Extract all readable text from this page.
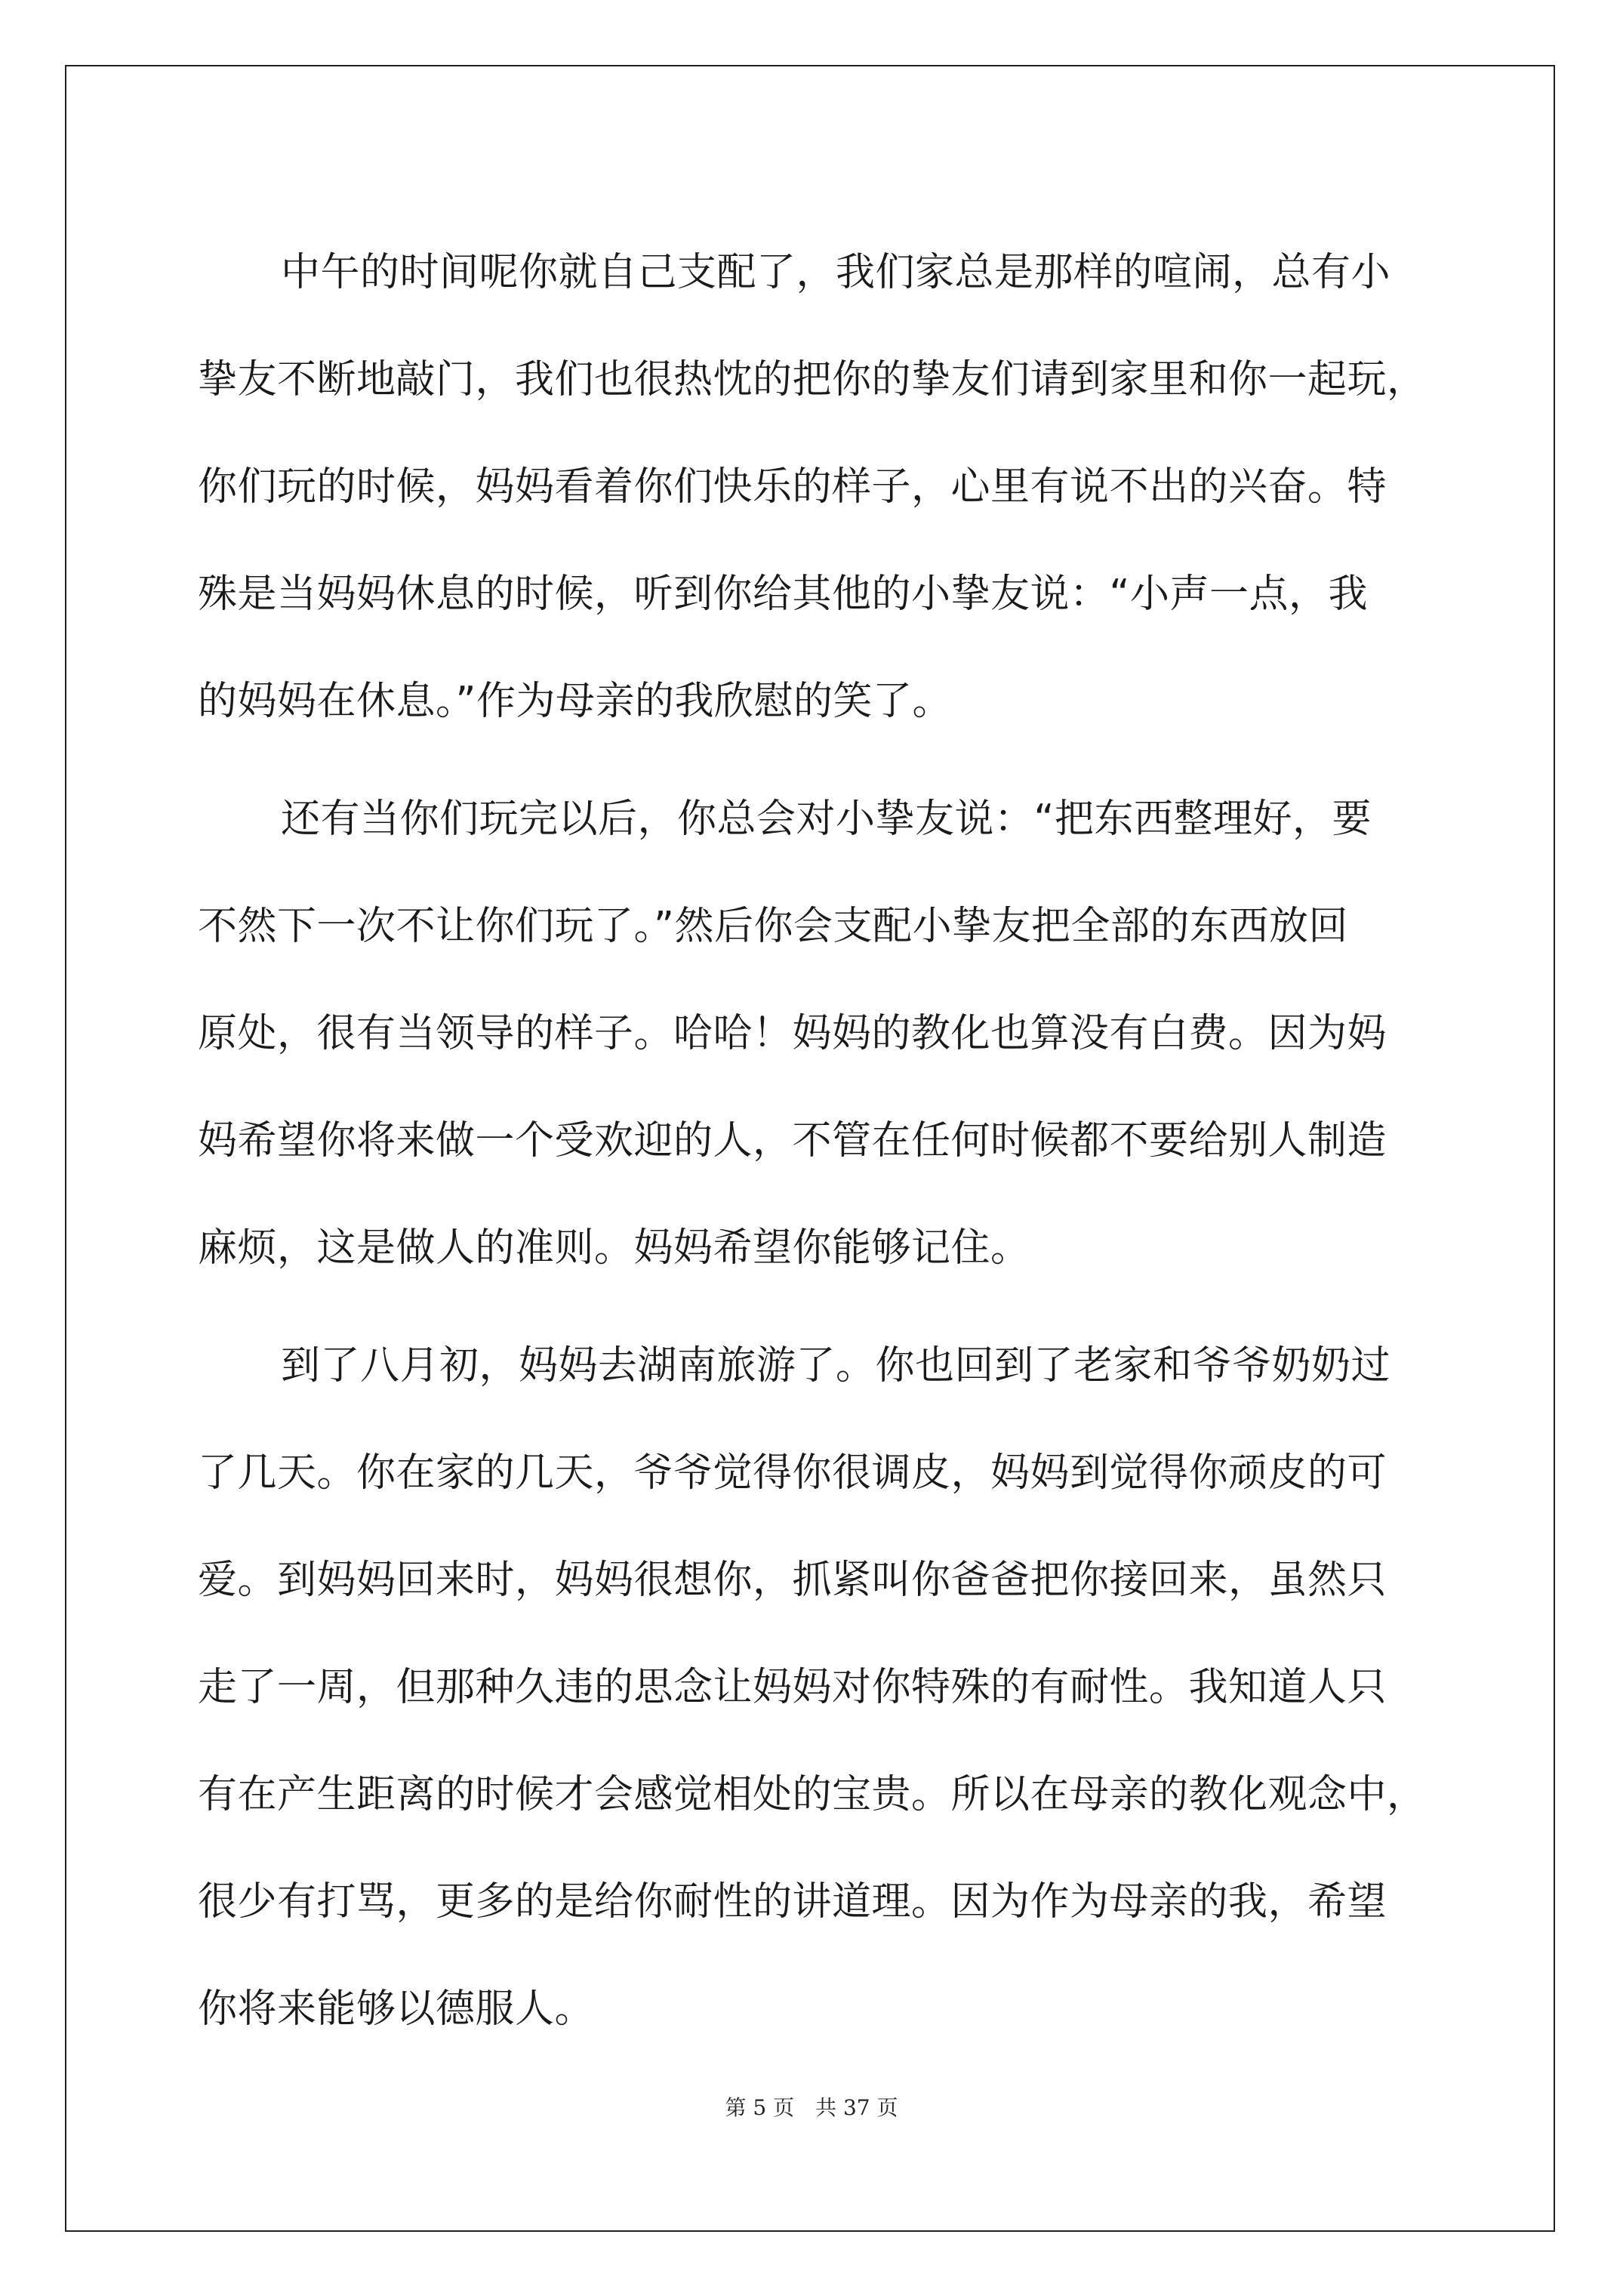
中午的时间呢你就自己支配了，我们家总是那样的喧闹，总有小
挚友不断地敲门，我们也很热忱的把你的挚友们请到家里和你一起玩，
你们玩的时候，妈妈看着你们快乐的样子，心里有说不出的兴奋。特
殊是当妈妈休息的时候，听到你给其他的小挚友说：“小声一点，我
的妈妈在休息。”作为母亲的我欣慰的笑了。
还有当你们玩完以后，你总会对小挚友说：“把东西整理好，要
不然下一次不让你们玩了。”然后你会支配小挚友把全部的东西放回
原处，很有当领导的样子。哈哈！妈妈的教化也算没有白费。因为妈
妈希望你将来做一个受欢迎的人，不管在任何时候都不要给别人制造
麻烦，这是做人的准则。妈妈希望你能够记住。
到了八月初，妈妈去湖南旅游了。你也回到了老家和爷爷奶奶过
了几天。你在家的几天，爷爷觉得你很调皮，妈妈到觉得你顽皮的可
爱。到妈妈回来时，妈妈很想你，抓紧叫你爸爸把你接回来，虽然只
走了一周，但那种久违的思念让妈妈对你特殊的有耐性。我知道人只
有在产生距离的时候才会感觉相处的宝贵。所以在母亲的教化观念中，
很少有打骂，更多的是给你耐性的讲道理。因为作为母亲的我，希望
你将来能够以德服人。
第 5 页　共 37 页
